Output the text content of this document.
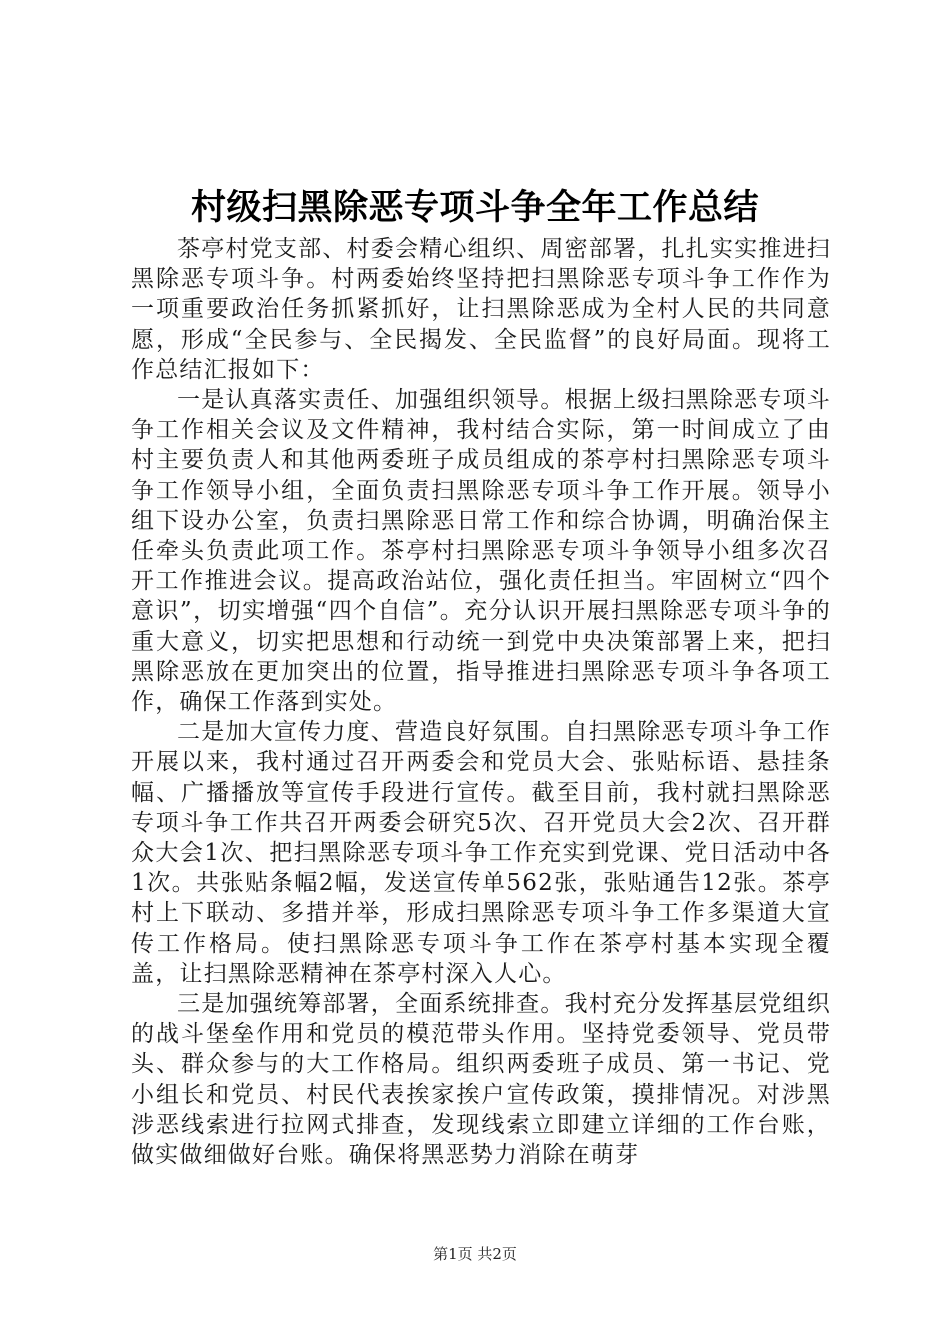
村级扫黑除恶专项斗争全年工作总结

茶亭村党支部、村委会精心组织、周密部署，扎扎实实推进扫黑除恶专项斗争。村两委始终坚持把扫黑除恶专项斗争工作作为一项重要政治任务抓紧抓好，让扫黑除恶成为全村人民的共同意愿，形成“全民参与、全民揭发、全民监督”的良好局面。现将工作总结汇报如下：

一是认真落实责任、加强组织领导。根据上级扫黑除恶专项斗争工作相关会议及文件精神，我村结合实际，第一时间成立了由村主要负责人和其他两委班子成员组成的茶亭村扫黑除恶专项斗争工作领导小组，全面负责扫黑除恶专项斗争工作开展。领导小组下设办公室，负责扫黑除恶日常工作和综合协调，明确治保主任牵头负责此项工作。茶亭村扫黑除恶专项斗争领导小组多次召开工作推进会议。提高政治站位，强化责任担当。牢固树立“四个意识”，切实增强“四个自信”。充分认识开展扫黑除恶专项斗争的重大意义，切实把思想和行动统一到党中央决策部署上来，把扫黑除恶放在更加突出的位置，指导推进扫黑除恶专项斗争各项工作，确保工作落到实处。

二是加大宣传力度、营造良好氛围。自扫黑除恶专项斗争工作开展以来，我村通过召开两委会和党员大会、张贴标语、悬挂条幅、广播播放等宣传手段进行宣传。截至目前，我村就扫黑除恶专项斗争工作共召开两委会研究5次、召开党员大会2次、召开群众大会1次、把扫黑除恶专项斗争工作充实到党课、党日活动中各1次。共张贴条幅2幅，发送宣传单562张，张贴通告12张。茶亭村上下联动、多措并举，形成扫黑除恶专项斗争工作多渠道大宣传工作格局。使扫黑除恶专项斗争工作在茶亭村基本实现全覆盖，让扫黑除恶精神在茶亭村深入人心。

三是加强统筹部署，全面系统排查。我村充分发挥基层党组织的战斗堡垒作用和党员的模范带头作用。坚持党委领导、党员带头、群众参与的大工作格局。组织两委班子成员、第一书记、党小组长和党员、村民代表挨家挨户宣传政策，摸排情况。对涉黑涉恶线索进行拉网式排查，发现线索立即建立详细的工作台账，做实做细做好台账。确保将黑恶势力消除在萌芽

第1页 共2页
